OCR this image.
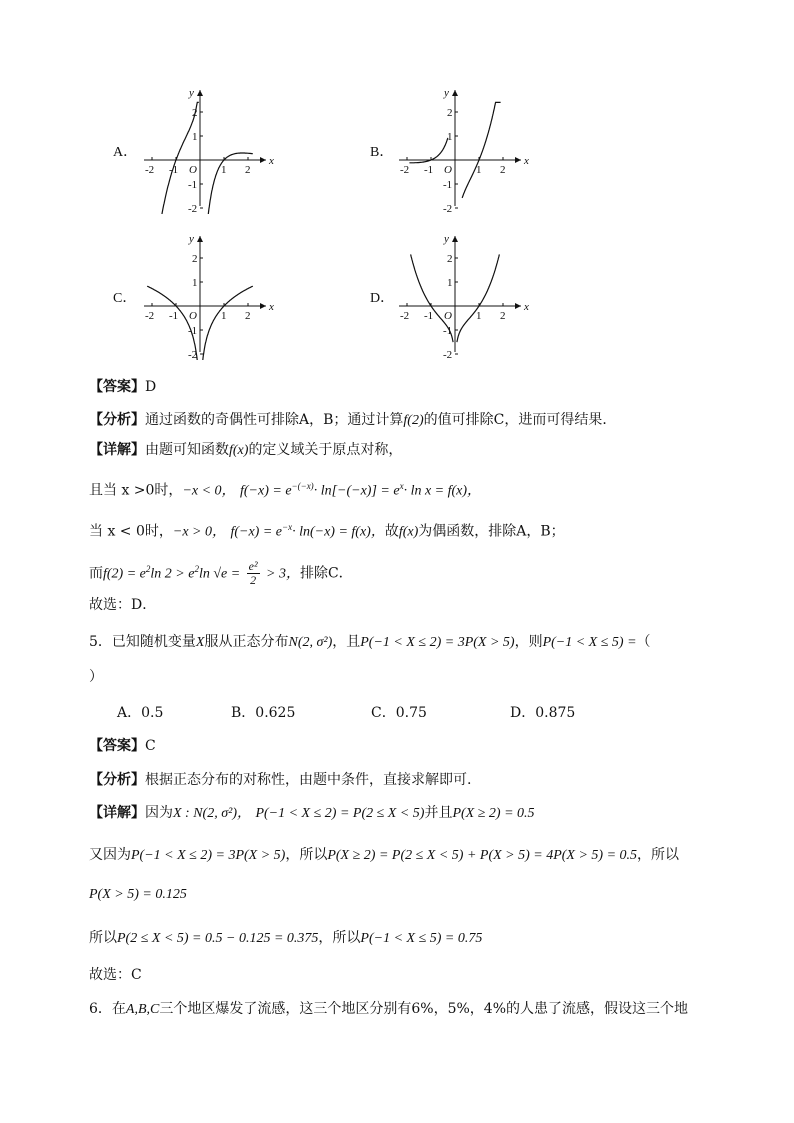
A．
x
y
O
-2 -1	1 2
2
1
-1
-2
B．
x
y
O
-2 -1	1 2
2
1
-1
-2
C．
x
y
O
-2 -1	1 2
2
1
-1
-2
D．
x
y
O
-2 -1	1 2
2
1
-1
-2
【答案】D
【分析】通过函数的奇偶性可排除A，B；通过计算f(2)的值可排除C，进而可得结果．
【详解】由题可知函数f(x)的定义域关于原点对称，
且当 x >0时，−x < 0， $f(-x) = e^{-(-x)}\cdot \ln[-(-x)] = e^x\cdot \ln x = f(x)$，
当 x < 0时，−x > 0， $f(-x) = e^{-x}\cdot \ln(-x) = f(x)$，故f(x)为偶函数，排除A，B；
而$f(2) = e^2\ln$ $2 > e^2\ln$ $√e = \frac{\text{e²}}{2} > 3$，排除C．
故选：D．
5．已知随机变量X服从正态分布N(2, σ²)，且P(−1 < X ≤ 2) = 3P(X > 5)，则P(−1 < X ≤ 5) =（
）
A．0.5	B．0.625	C．0.75	D．0.875
【答案】C
【分析】根据正态分布的对称性，由题中条件，直接求解即可.
【详解】因为X : N(2, σ²)， P(−1 < X ≤ 2) = P(2 ≤ X < 5)并且P(X ≥ 2) = 0.5
又因为P(−1 < X ≤ 2) = 3P(X > 5)，所以P(X ≥ 2) = P(2 ≤ X < 5) + P(X > 5) = 4P(X > 5) = 0.5，所以
P(X > 5) = 0.125
所以P(2 ≤ X < 5) = 0.5 − 0.125 = 0.375，所以P(−1 < X ≤ 5) = 0.75
故选：C
6．在A,B,C三个地区爆发了流感，这三个地区分别有6%，5%，4%的人患了流感，假设这三个地
